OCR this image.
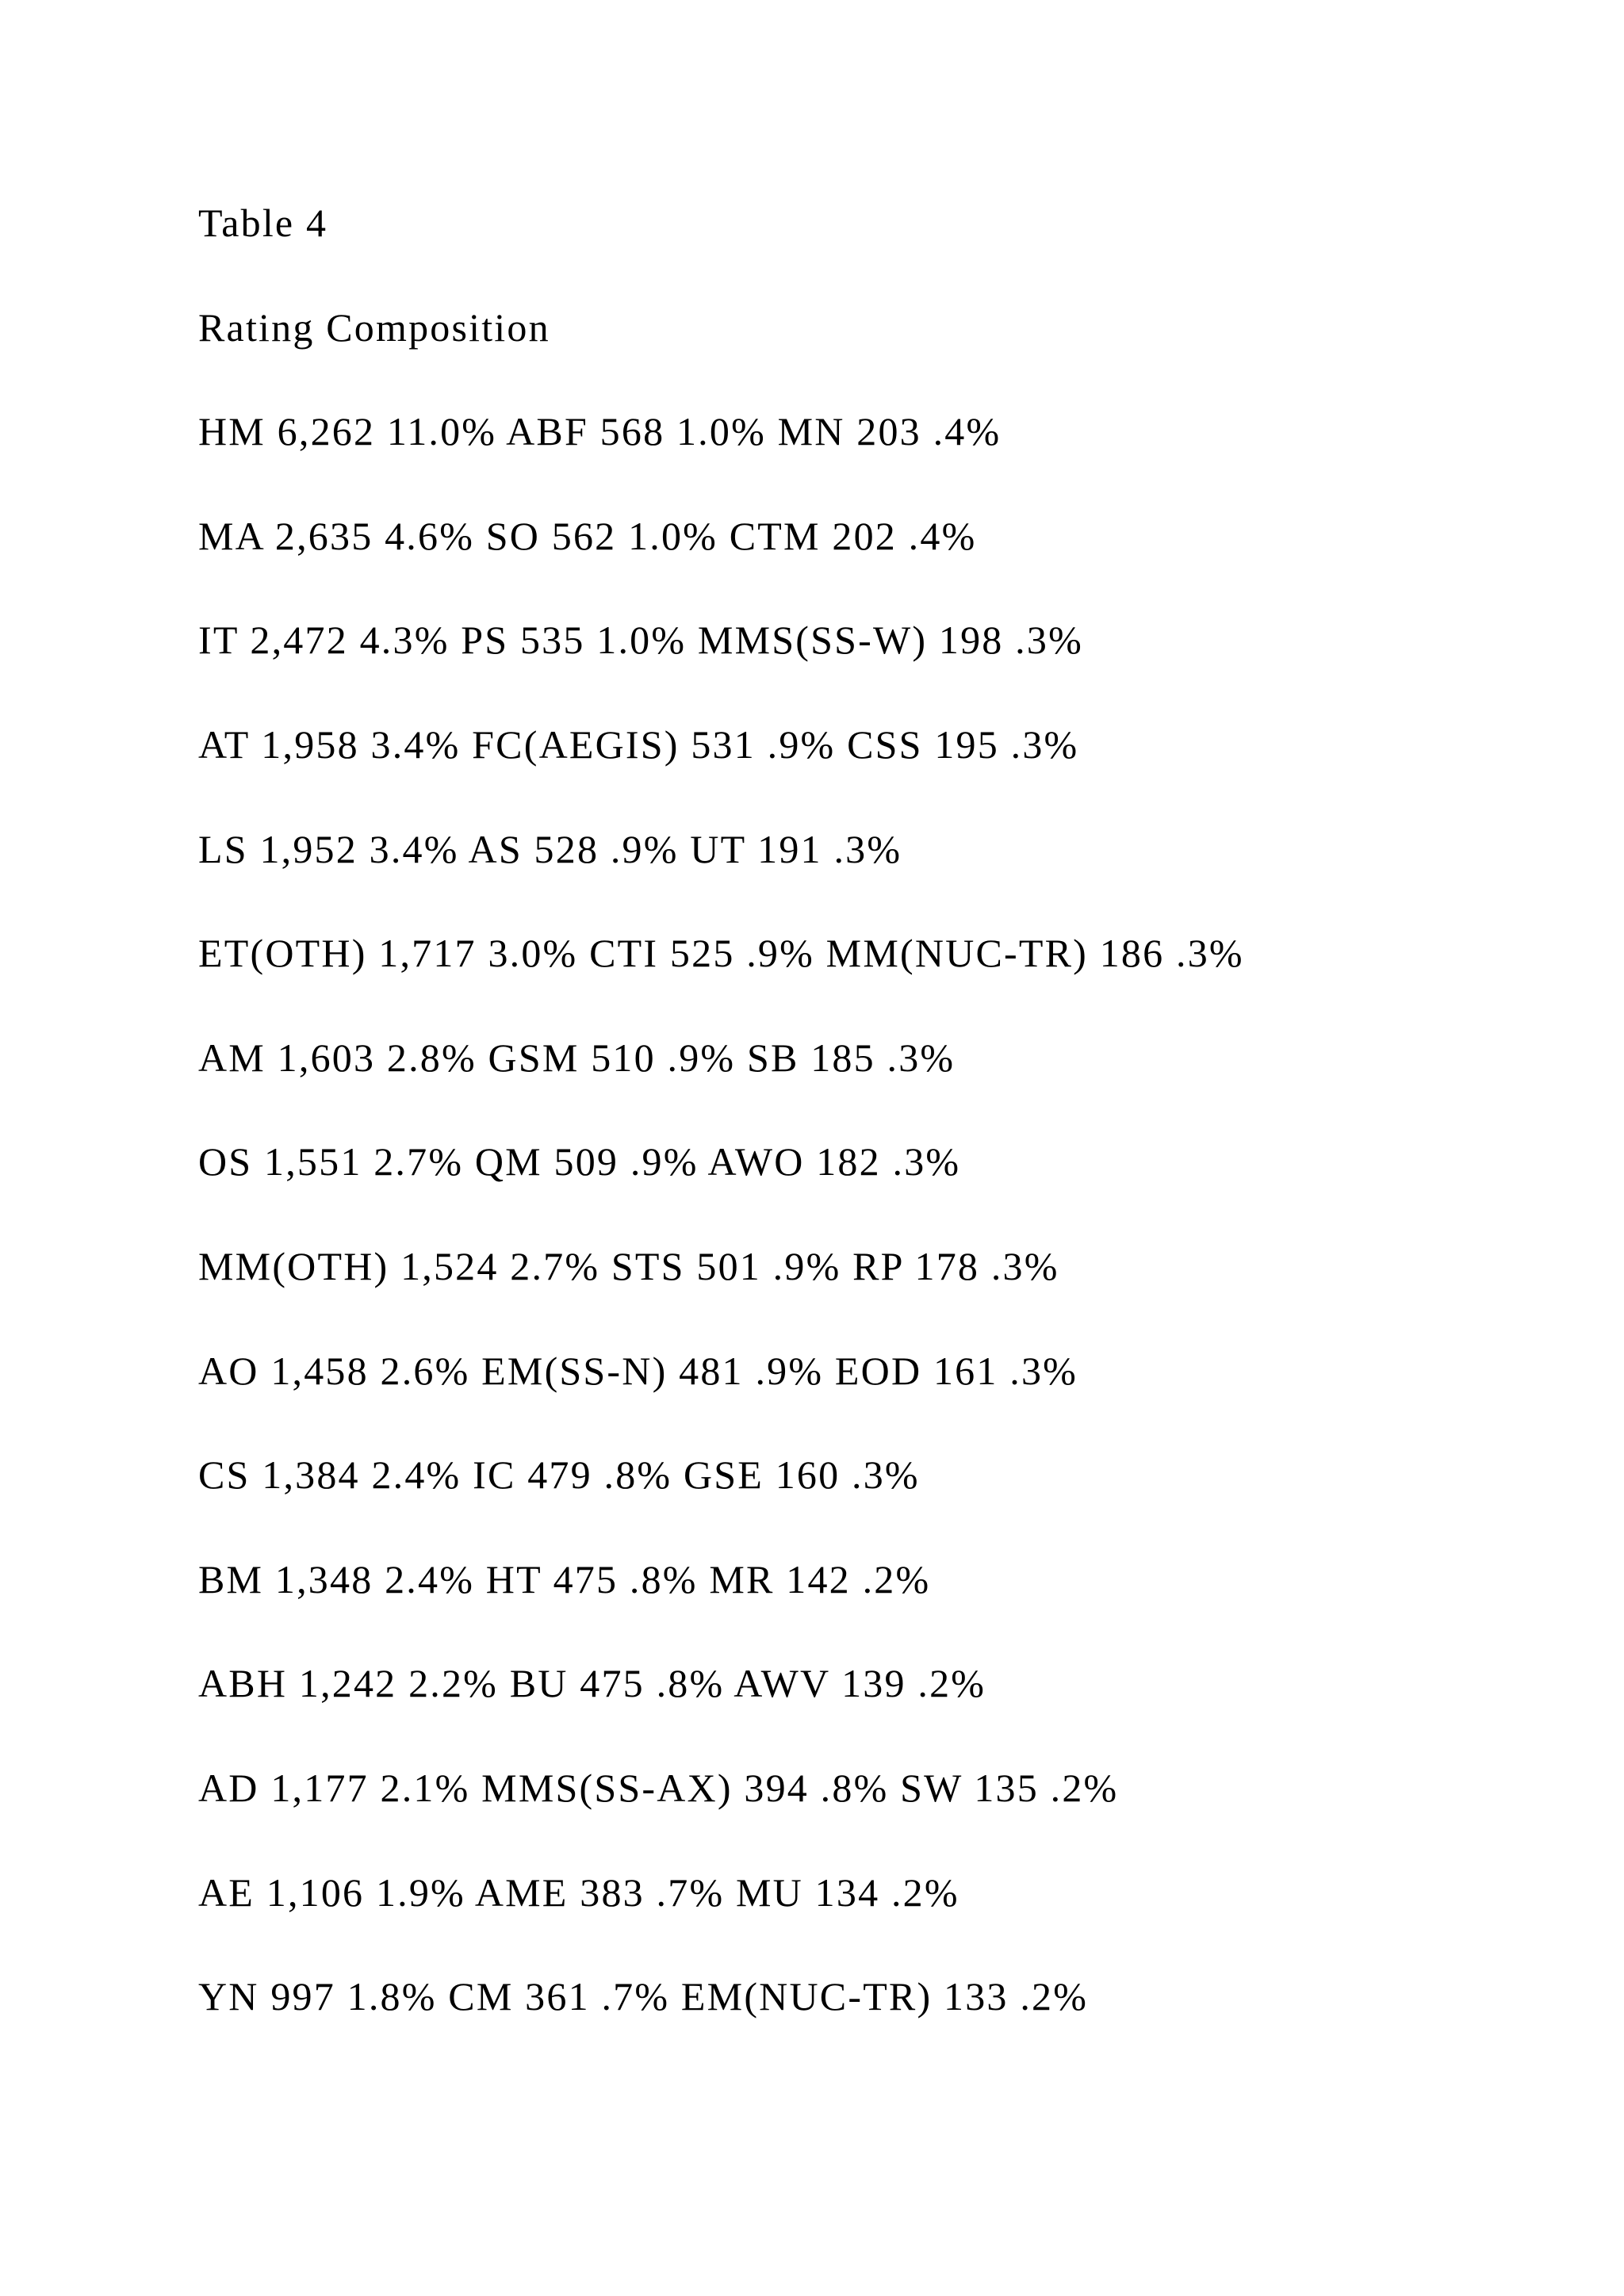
Table 4

Rating Composition

HM 6,262 11.0% ABF 568 1.0% MN 203 .4%

MA 2,635 4.6% SO 562 1.0% CTM 202 .4%

IT 2,472 4.3% PS 535 1.0% MMS(SS-W) 198 .3%

AT 1,958 3.4% FC(AEGIS) 531 .9% CSS 195 .3%

LS 1,952 3.4% AS 528 .9% UT 191 .3%

ET(OTH) 1,717 3.0% CTI 525 .9% MM(NUC-TR) 186 .3%

AM 1,603 2.8% GSM 510 .9% SB 185 .3%

OS 1,551 2.7% QM 509 .9% AWO 182 .3%

MM(OTH) 1,524 2.7% STS 501 .9% RP 178 .3%

AO 1,458 2.6% EM(SS-N) 481 .9% EOD 161 .3%

CS 1,384 2.4% IC 479 .8% GSE 160 .3%

BM 1,348 2.4% HT 475 .8% MR 142 .2%

ABH 1,242 2.2% BU 475 .8% AWV 139 .2%

AD 1,177 2.1% MMS(SS-AX) 394 .8% SW 135 .2%

AE 1,106 1.9% AME 383 .7% MU 134 .2%

YN 997 1.8% CM 361 .7% EM(NUC-TR) 133 .2%
